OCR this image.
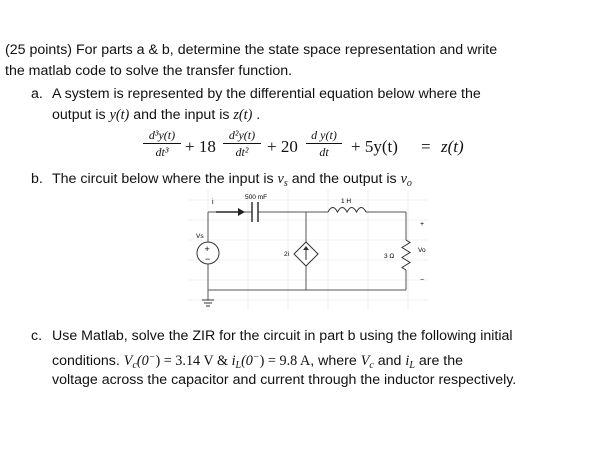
(25 points) For parts a & b, determine the state space representation and write
the matlab code to solve the transfer function.
a. A system is represented by the differential equation below where the
output is y(t) and the input is z(t) .
d³y(t)
dt³ + 18
d²y(t)
dt²	+ 20
d y(t)
dt	+ 5y(t) = z(t)
b. The circuit below where the input is $v_s$ and the output is $v_o$
i
500 mF
1 H
+
−
Vs
2i	3 Ω
+
Vo
−
c. Use Matlab, solve the ZIR for the circuit in part b using the following initial
conditions. $V_c(0^-) = 3.14$ V & $i_L(0^-) = 9.8$ A, where $V_c$ and $i_L$ are the
voltage across the capacitor and current through the inductor respectively.
